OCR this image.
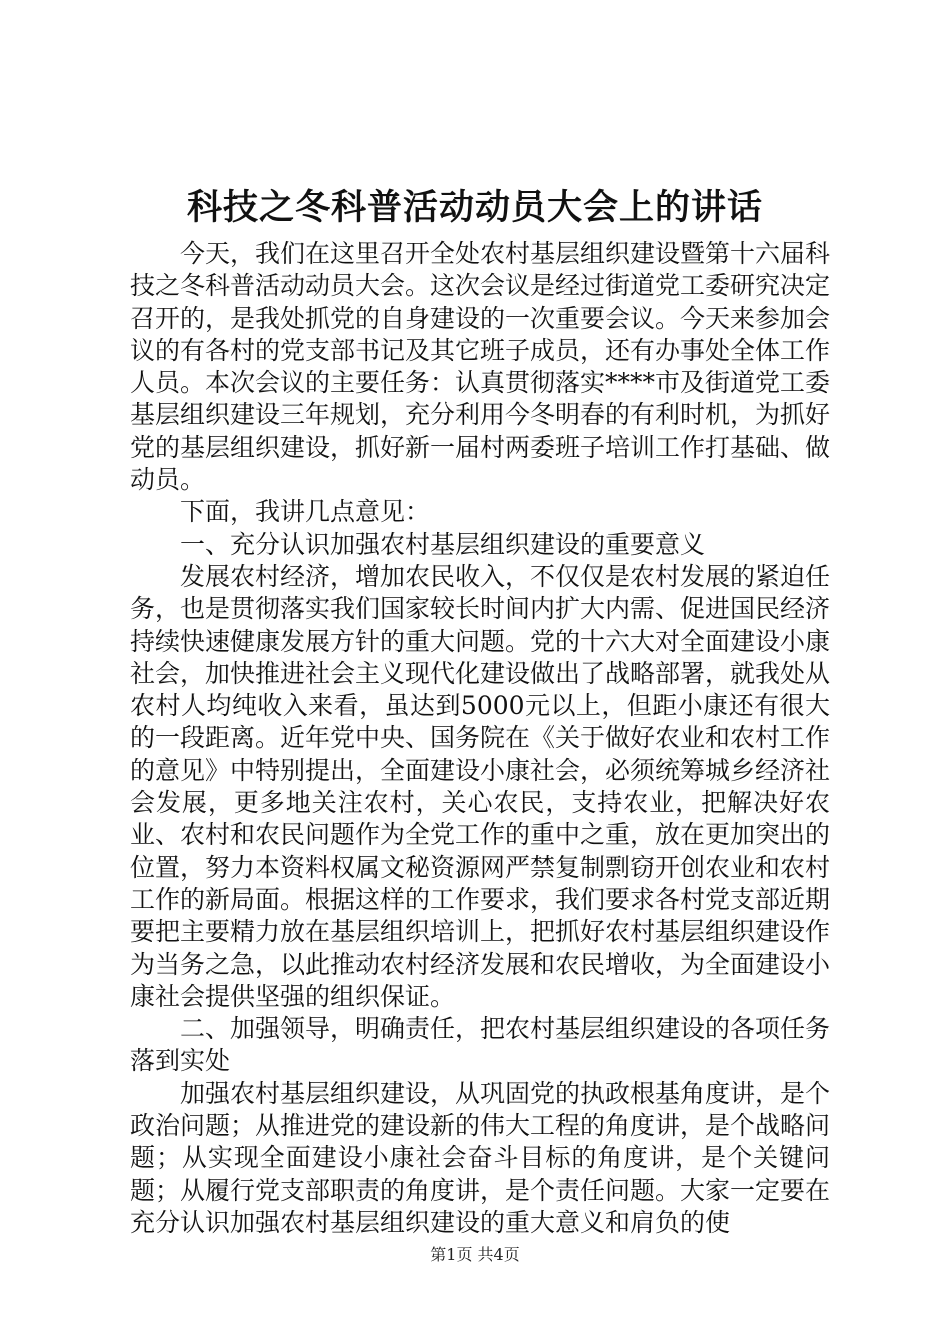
科技之冬科普活动动员大会上的讲话

今天，我们在这里召开全处农村基层组织建设暨第十六届科技之冬科普活动动员大会。这次会议是经过街道党工委研究决定召开的，是我处抓党的自身建设的一次重要会议。今天来参加会议的有各村的党支部书记及其它班子成员，还有办事处全体工作人员。本次会议的主要任务：认真贯彻落实****市及街道党工委基层组织建设三年规划，充分利用今冬明春的有利时机，为抓好党的基层组织建设，抓好新一届村两委班子培训工作打基础、做动员。

下面，我讲几点意见：

一、充分认识加强农村基层组织建设的重要意义

发展农村经济，增加农民收入，不仅仅是农村发展的紧迫任务，也是贯彻落实我们国家较长时间内扩大内需、促进国民经济持续快速健康发展方针的重大问题。党的十六大对全面建设小康社会，加快推进社会主义现代化建设做出了战略部署，就我处从农村人均纯收入来看，虽达到5000元以上，但距小康还有很大的一段距离。近年党中央、国务院在《关于做好农业和农村工作的意见》中特别提出，全面建设小康社会，必须统筹城乡经济社会发展，更多地关注农村，关心农民，支持农业，把解决好农业、农村和农民问题作为全党工作的重中之重，放在更加突出的位置，努力本资料权属文秘资源网严禁复制剽窃开创农业和农村工作的新局面。根据这样的工作要求，我们要求各村党支部近期要把主要精力放在基层组织培训上，把抓好农村基层组织建设作为当务之急，以此推动农村经济发展和农民增收，为全面建设小康社会提供坚强的组织保证。

二、加强领导，明确责任，把农村基层组织建设的各项任务落到实处

加强农村基层组织建设，从巩固党的执政根基角度讲，是个政治问题；从推进党的建设新的伟大工程的角度讲，是个战略问题；从实现全面建设小康社会奋斗目标的角度讲，是个关键问题；从履行党支部职责的角度讲，是个责任问题。大家一定要在充分认识加强农村基层组织建设的重大意义和肩负的使

第1页 共4页
